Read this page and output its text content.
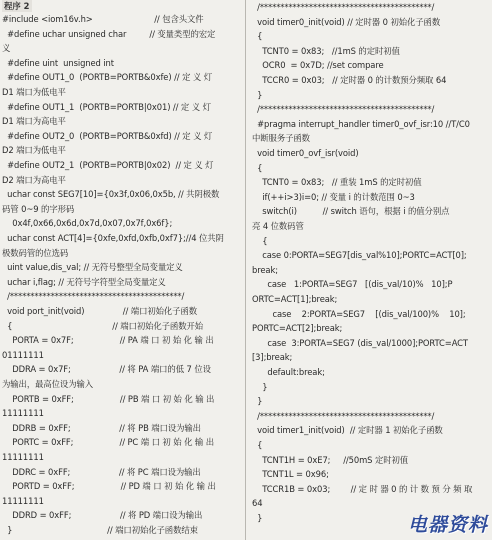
程序 2
#include <iom16v.h>                        // 包含头文件
#define uchar unsigned char         // 变量类型的宏定
义
#define uint  unsigned int
#define OUT1_0  (PORTB=PORTB&0xfe) // 定 义 灯
D1 端口为低电平
#define OUT1_1  (PORTB=PORTB|0x01) // 定 义 灯
D1 端口为高电平
#define OUT2_0  (PORTB=PORTB&0xfd) // 定 义 灯
D2 端口为低电平
#define OUT2_1  (PORTB=PORTB|0x02)  // 定 义 灯
D2 端口为高电平
uchar const SEG7[10]={0x3f,0x06,0x5b, // 共阴极数
码管 0~9 的字形码
0x4f,0x66,0x6d,0x7d,0x07,0x7f,0x6f};
uchar const ACT[4]={0xfe,0xfd,0xfb,0xf7};//4 位共阴
极数码管的位选码
uint value,dis_val; // 无符号整型全局变量定义
uchar i,flag; // 无符号字符型全局变量定义
/******************************************/
void port_init(void)               // 端口初始化子函数
{                                       // 端口初始化子函数开始
PORTA = 0x7F;                  // PA 端 口 初 始 化 输 出
01111111
DDRA = 0x7F;                   // 将 PA 端口的低 7 位设
为输出，最高位设为输入
PORTB = 0xFF;                  // PB 端 口 初 始 化 输 出
11111111
DDRB = 0xFF;                   // 将 PB 端口设为输出
PORTC = 0xFF;                  // PC 端 口 初 始 化 输 出
11111111
DDRC = 0xFF;                   // 将 PC 端口设为输出
PORTD = 0xFF;                  // PD 端 口 初 始 化 输 出
11111111
DDRD = 0xFF;                   // 将 PD 端口设为输出
}                                     // 端口初始化子函数结束
/******************************************/
void timer0_init(void) // 定时器 0 初始化子函数
{
TCNT0 = 0x83;   //1mS 的定时初值
OCR0  = 0x7D; //set compare
TCCR0 = 0x03;   // 定时器 0 的计数预分频取 64
}
/******************************************/
#pragma interrupt_handler timer0_ovf_isr:10 //T/C0
中断服务子函数
void timer0_ovf_isr(void)
{
TCNT0 = 0x83;   // 重装 1mS 的定时初值
if(++i>3)i=0; // 变量 i 的计数范围 0~3
switch(i)          // switch 语句，根据 i 的值分别点
亮 4 位数码管
{
case 0:PORTA=SEG7[dis_val%10];PORTC=ACT[0];
break;
case   1:PORTA=SEG7   [(dis_val/10)%   10];P
ORTC=ACT[1];break;
case    2:PORTA=SEG7    [(dis_val/100)%    10];
PORTC=ACT[2];break;
case  3:PORTA=SEG7 (dis_val/1000];PORTC=ACT
[3];break;
default:break;
}
}
/******************************************/
void timer1_init(void)  // 定时器 1 初始化子函数
{
TCNT1H = 0xE7;     //50mS 定时初值
TCNT1L = 0x96;
TCCR1B = 0x03;        // 定 时 器 0 的 计 数 预 分 频 取
64
}	电器资料
